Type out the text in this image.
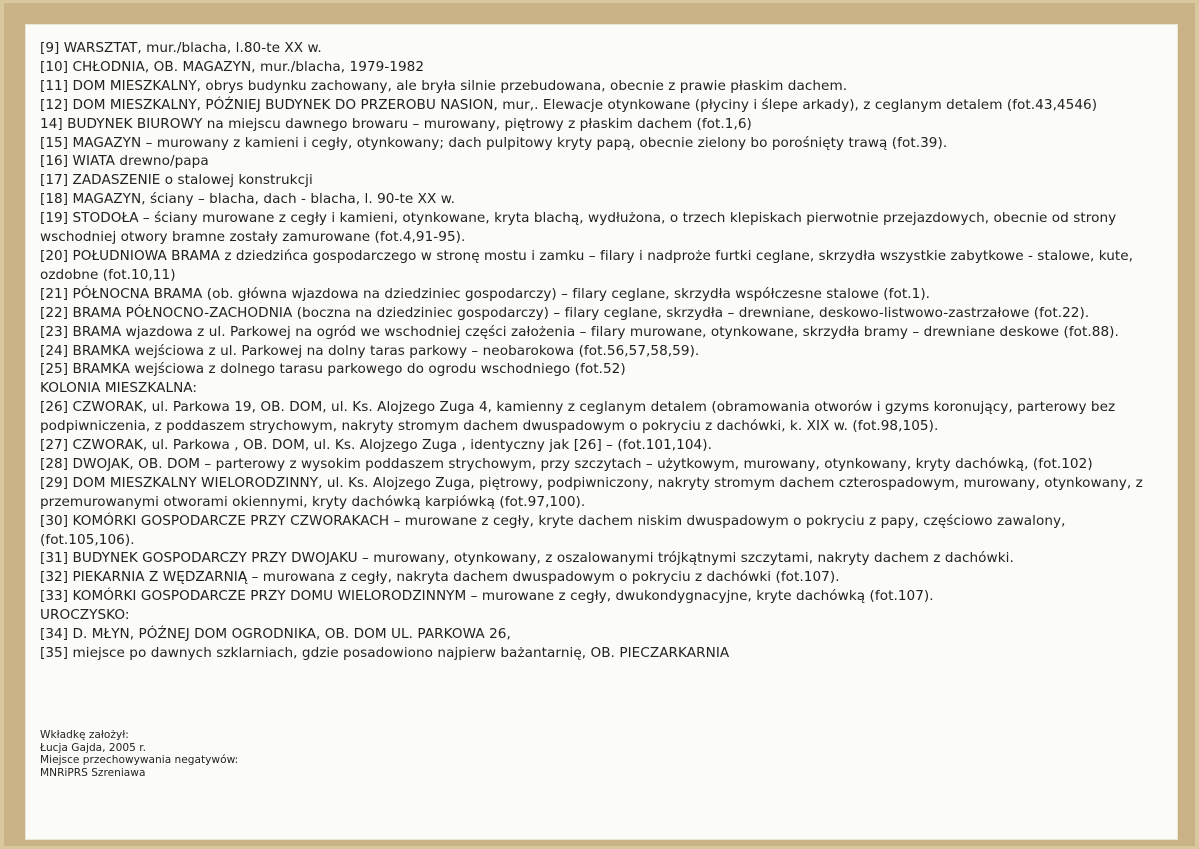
[9] WARSZTAT, mur./blacha, l.80-te XX w.
[10] CHŁODNIA, OB. MAGAZYN, mur./blacha, 1979-1982
[11] DOM MIESZKALNY, obrys budynku zachowany, ale bryła silnie przebudowana, obecnie z prawie płaskim dachem.
[12] DOM MIESZKALNY, PÓŹNIEJ BUDYNEK DO PRZEROBU NASION, mur,. Elewacje otynkowane (płyciny i ślepe arkady), z ceglanym detalem (fot.43,4546)
14] BUDYNEK BIUROWY na miejscu dawnego browaru – murowany, piętrowy z płaskim dachem (fot.1,6)
[15] MAGAZYN – murowany z kamieni i cegły, otynkowany; dach pulpitowy kryty papą, obecnie zielony bo porośnięty trawą (fot.39).
[16] WIATA drewno/papa
[17] ZADASZENIE o stalowej konstrukcji
[18] MAGAZYN, ściany – blacha, dach - blacha, l. 90-te XX w.
[19] STODOŁA – ściany murowane z cegły i kamieni, otynkowane, kryta blachą, wydłużona, o trzech klepiskach pierwotnie przejazdowych, obecnie od strony wschodniej otwory bramne zostały zamurowane (fot.4,91-95).
[20] POŁUDNIOWA BRAMA z dziedzińca gospodarczego w stronę mostu i zamku – filary i nadproże furtki ceglane, skrzydła wszystkie zabytkowe - stalowe, kute, ozdobne (fot.10,11)
[21] PÓŁNOCNA BRAMA (ob. główna wjazdowa na dziedziniec gospodarczy) – filary ceglane, skrzydła współczesne stalowe (fot.1).
[22] BRAMA PÓŁNOCNO-ZACHODNIA (boczna na dziedziniec gospodarczy) – filary ceglane, skrzydła – drewniane, deskowo-listwowo-zastrzałowe (fot.22).
[23] BRAMA wjazdowa z ul. Parkowej na ogród we wschodniej części założenia – filary murowane, otynkowane, skrzydła bramy – drewniane deskowe (fot.88).
[24] BRAMKA wejściowa z ul. Parkowej na dolny taras parkowy – neobarokowa (fot.56,57,58,59).
[25] BRAMKA wejściowa z dolnego tarasu parkowego do ogrodu wschodniego (fot.52)
KOLONIA MIESZKALNA:
[26] CZWORAK, ul. Parkowa 19, OB. DOM, ul. Ks. Alojzego Zuga 4, kamienny z ceglanym detalem (obramowania otworów i gzyms koronujący, parterowy bez podpiwniczenia, z poddaszem strychowym, nakryty stromym dachem dwuspadowym o pokryciu z dachówki, k. XIX w. (fot.98,105).
[27] CZWORAK, ul. Parkowa , OB. DOM, ul. Ks. Alojzego Zuga , identyczny jak [26] – (fot.101,104).
[28] DWOJAK, OB. DOM – parterowy z wysokim poddaszem strychowym, przy szczytach – użytkowym, murowany, otynkowany, kryty dachówką, (fot.102)
[29] DOM MIESZKALNY WIELORODZINNY, ul. Ks. Alojzego Zuga, piętrowy, podpiwniczony, nakryty stromym dachem czterospadowym, murowany, otynkowany, z przemurowanymi otworami okiennymi, kryty dachówką karpiówką (fot.97,100).
[30] KOMÓRKI GOSPODARCZE PRZY CZWORAKACH – murowane z cegły, kryte dachem niskim dwuspadowym o pokryciu z papy, częściowo zawalony, (fot.105,106).
[31] BUDYNEK GOSPODARCZY PRZY DWOJAKU – murowany, otynkowany, z oszalowanymi trójkątnymi szczytami, nakryty dachem z dachówki.
[32] PIEKARNIA Z WĘDZARNIĄ – murowana z cegły, nakryta dachem dwuspadowym o pokryciu z dachówki (fot.107).
[33] KOMÓRKI GOSPODARCZE PRZY DOMU WIELORODZINNYM – murowane z cegły, dwukondygnacyjne, kryte dachówką (fot.107).
UROCZYSKO:
[34] D. MŁYN, PÓŹNEJ DOM OGRODNIKA, OB. DOM UL. PARKOWA 26,
[35] miejsce po dawnych szklarniach, gdzie posadowiono najpierw bażantarnię, OB. PIECZARKARNIA
Wkładkę założył:
Łucja Gajda, 2005 r.
Miejsce przechowywania negatywów:
MNRiPRS Szreniawa
